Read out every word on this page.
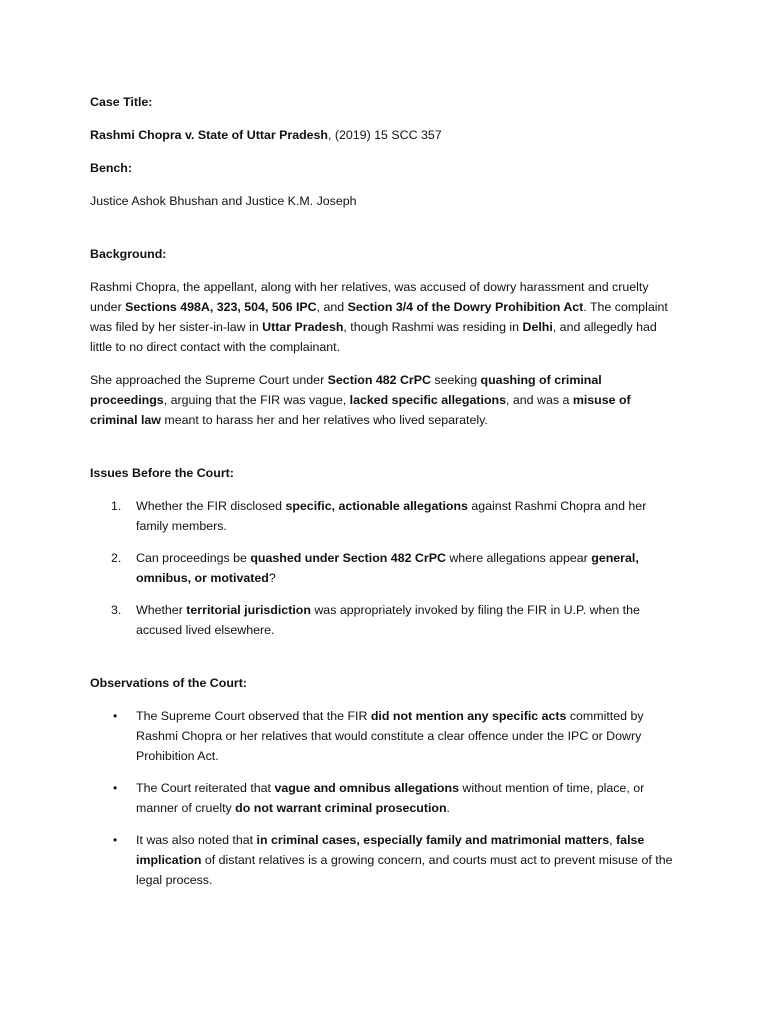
Case Title:

Rashmi Chopra v. State of Uttar Pradesh, (2019) 15 SCC 357

Bench:

Justice Ashok Bhushan and Justice K.M. Joseph

Background:

Rashmi Chopra, the appellant, along with her relatives, was accused of dowry harassment and cruelty under Sections 498A, 323, 504, 506 IPC, and Section 3/4 of the Dowry Prohibition Act. The complaint was filed by her sister-in-law in Uttar Pradesh, though Rashmi was residing in Delhi, and allegedly had little to no direct contact with the complainant.

She approached the Supreme Court under Section 482 CrPC seeking quashing of criminal proceedings, arguing that the FIR was vague, lacked specific allegations, and was a misuse of criminal law meant to harass her and her relatives who lived separately.

Issues Before the Court:

1. Whether the FIR disclosed specific, actionable allegations against Rashmi Chopra and her family members.
2. Can proceedings be quashed under Section 482 CrPC where allegations appear general, omnibus, or motivated?
3. Whether territorial jurisdiction was appropriately invoked by filing the FIR in U.P. when the accused lived elsewhere.

Observations of the Court:

• The Supreme Court observed that the FIR did not mention any specific acts committed by Rashmi Chopra or her relatives that would constitute a clear offence under the IPC or Dowry Prohibition Act.
• The Court reiterated that vague and omnibus allegations without mention of time, place, or manner of cruelty do not warrant criminal prosecution.
• It was also noted that in criminal cases, especially family and matrimonial matters, false implication of distant relatives is a growing concern, and courts must act to prevent misuse of the legal process.
